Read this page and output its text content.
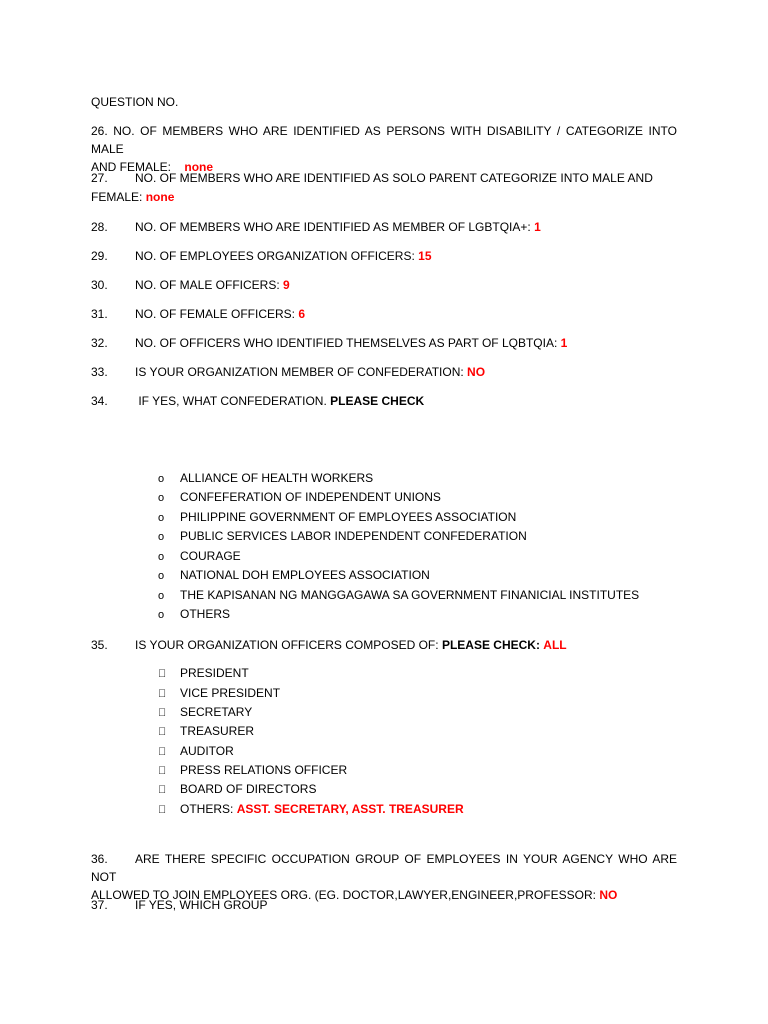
QUESTION NO.
26. NO. OF MEMBERS WHO ARE IDENTIFIED AS PERSONS WITH DISABILITY / CATEGORIZE INTO MALE
AND FEMALE: none
27. NO. OF MEMBERS WHO ARE IDENTIFIED AS SOLO PARENT CATEGORIZE INTO MALE AND
FEMALE: none
28. NO. OF MEMBERS WHO ARE IDENTIFIED AS MEMBER OF LGBTQIA+: 1
29. NO. OF EMPLOYEES ORGANIZATION OFFICERS: 15
30. NO. OF MALE OFFICERS: 9
31. NO. OF FEMALE OFFICERS: 6
32. NO. OF OFFICERS WHO IDENTIFIED THEMSELVES AS PART OF LQBTQIA: 1
33. IS YOUR ORGANIZATION MEMBER OF CONFEDERATION: NO
34.	IF YES, WHAT CONFEDERATION. PLEASE CHECK
o ALLIANCE OF HEALTH WORKERS
o CONFEFERATION OF INDEPENDENT UNIONS
o PHILIPPINE GOVERNMENT OF EMPLOYEES ASSOCIATION
o PUBLIC SERVICES LABOR INDEPENDENT CONFEDERATION
o COURAGE
o NATIONAL DOH EMPLOYEES ASSOCIATION
o THE KAPISANAN NG MANGGAGAWA SA GOVERNMENT FINANICIAL INSTITUTES
o OTHERS
35. IS YOUR ORGANIZATION OFFICERS COMPOSED OF: PLEASE CHECK: ALL
PRESIDENT
VICE PRESIDENT
SECRETARY
TREASURER
AUDITOR
PRESS RELATIONS OFFICER
BOARD OF DIRECTORS
OTHERS: ASST. SECRETARY, ASST. TREASURER
36. ARE THERE SPECIFIC OCCUPATION GROUP OF EMPLOYEES IN YOUR AGENCY WHO ARE NOT
ALLOWED TO JOIN EMPLOYEES ORG. (EG. DOCTOR,LAWYER,ENGINEER,PROFESSOR: NO
37. IF YES, WHICH GROUP
